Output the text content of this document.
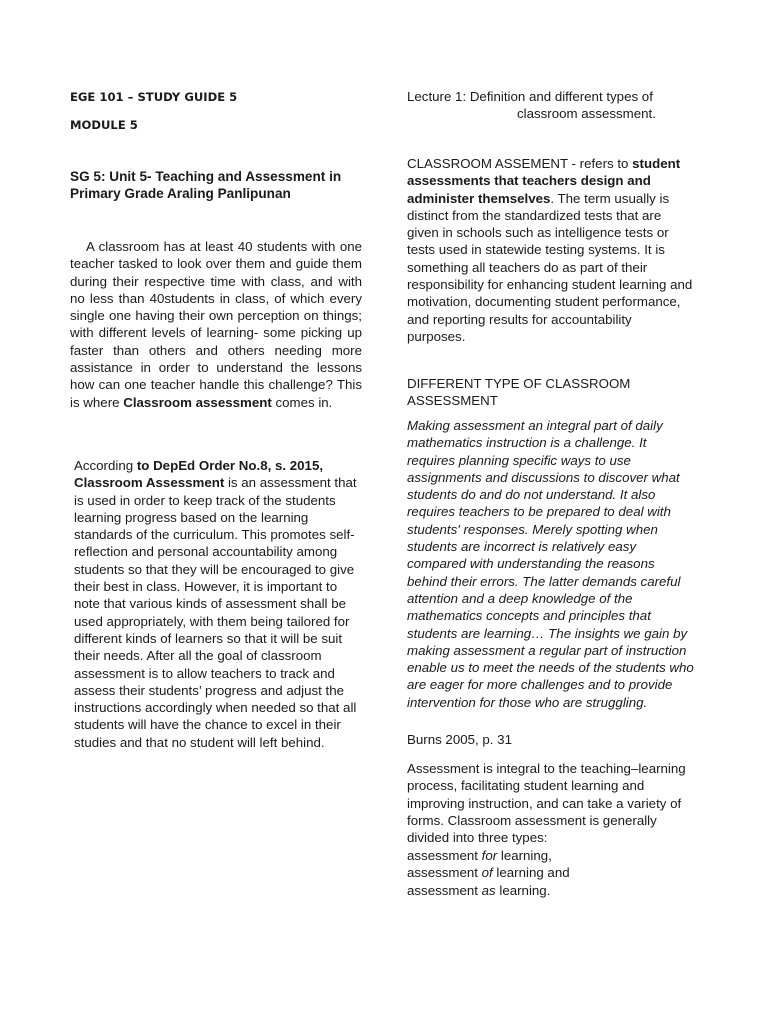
EGE 101 – STUDY GUIDE 5
MODULE 5
SG 5: Unit 5- Teaching and Assessment in Primary Grade Araling Panlipunan

A classroom has at least 40 students with one teacher tasked to look over them and guide them during their respective time with class, and with no less than 40students in class, of which every single one having their own perception on things; with different levels of learning- some picking up faster than others and others needing more assistance in order to understand the lessons how can one teacher handle this challenge? This is where Classroom assessment comes in.

According to DepEd Order No.8, s. 2015, Classroom Assessment is an assessment that is used in order to keep track of the students learning progress based on the learning standards of the curriculum. This promotes self- reflection and personal accountability among students so that they will be encouraged to give their best in class. However, it is important to note that various kinds of assessment shall be used appropriately, with them being tailored for different kinds of learners so that it will be suit their needs. After all the goal of classroom assessment is to allow teachers to track and assess their students’ progress and adjust the instructions accordingly when needed so that all students will have the chance to excel in their studies and that no student will left behind.

Lecture 1: Definition and different types of
classroom assessment.

CLASSROOM ASSEMENT - refers to student assessments that teachers design and administer themselves. The term usually is distinct from the standardized tests that are given in schools such as intelligence tests or tests used in statewide testing systems. It is something all teachers do as part of their responsibility for enhancing student learning and motivation, documenting student performance, and reporting results for accountability purposes.

DIFFERENT TYPE OF CLASSROOM ASSESSMENT

Making assessment an integral part of daily mathematics instruction is a challenge. It requires planning specific ways to use assignments and discussions to discover what students do and do not understand. It also requires teachers to be prepared to deal with students' responses. Merely spotting when students are incorrect is relatively easy compared with understanding the reasons behind their errors. The latter demands careful attention and a deep knowledge of the mathematics concepts and principles that students are learning… The insights we gain by making assessment a regular part of instruction enable us to meet the needs of the students who are eager for more challenges and to provide intervention for those who are struggling.

Burns 2005, p. 31

Assessment is integral to the teaching–learning process, facilitating student learning and improving instruction, and can take a variety of forms. Classroom assessment is generally divided into three types:

assessment for learning,
assessment of learning and
assessment as learning.
